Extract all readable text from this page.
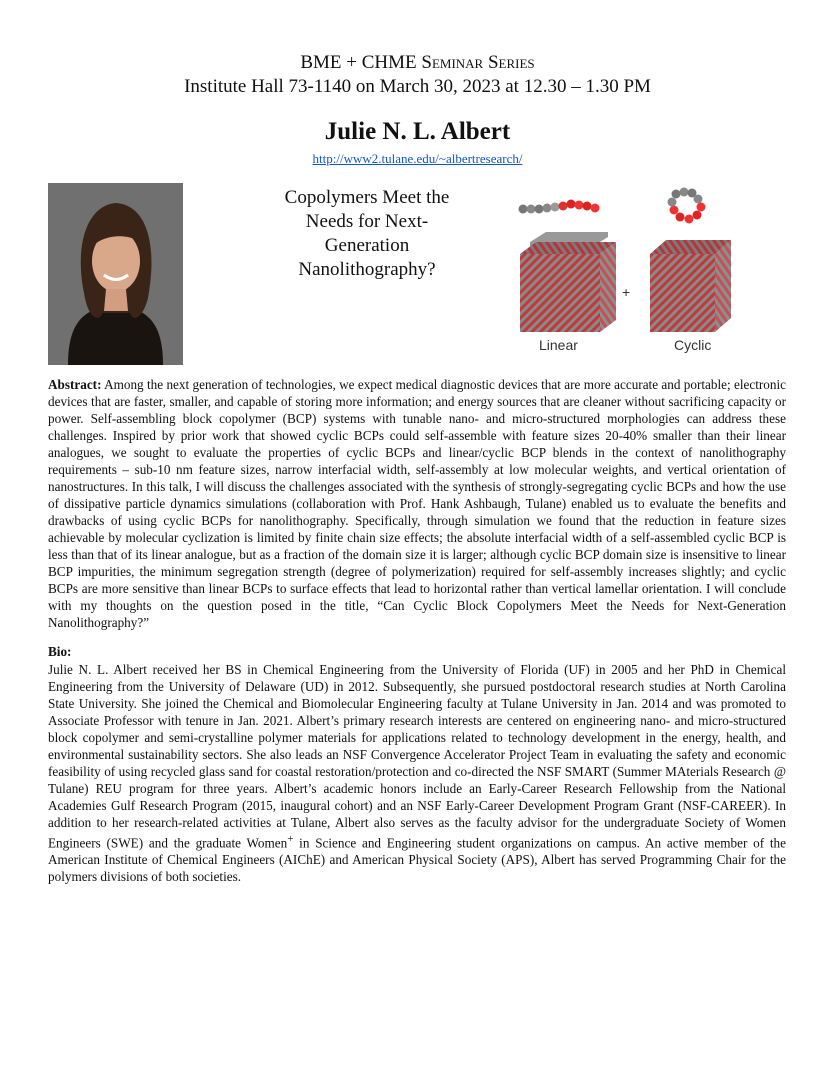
BME + CHME Seminar Series
Institute Hall 73-1140 on March 30, 2023 at 12.30 – 1.30 PM
Julie N. L. Albert
http://www2.tulane.edu/~albertresearch/
Copolymers Meet the
Needs for Next-
Generation
Nanolithography?
+
Linear	Cyclic
Abstract: Among the next generation of technologies, we expect medical diagnostic devices that are more accurate and portable; electronic devices that are faster, smaller, and capable of storing more information; and energy sources that are cleaner without sacrificing capacity or power. Self-assembling block copolymer (BCP) systems with tunable nano- and micro-structured morphologies can address these challenges. Inspired by prior work that showed cyclic BCPs could self-assemble with feature sizes 20-40% smaller than their linear analogues, we sought to evaluate the properties of cyclic BCPs and linear/cyclic BCP blends in the context of nanolithography requirements – sub-10 nm feature sizes, narrow interfacial width, self-assembly at low molecular weights, and vertical orientation of nanostructures. In this talk, I will discuss the challenges associated with the synthesis of strongly-segregating cyclic BCPs and how the use of dissipative particle dynamics simulations (collaboration with Prof. Hank Ashbaugh, Tulane) enabled us to evaluate the benefits and drawbacks of using cyclic BCPs for nanolithography. Specifically, through simulation we found that the reduction in feature sizes achievable by molecular cyclization is limited by finite chain size effects; the absolute interfacial width of a self-assembled cyclic BCP is less than that of its linear analogue, but as a fraction of the domain size it is larger; although cyclic BCP domain size is insensitive to linear BCP impurities, the minimum segregation strength (degree of polymerization) required for self-assembly increases slightly; and cyclic BCPs are more sensitive than linear BCPs to surface effects that lead to horizontal rather than vertical lamellar orientation. I will conclude with my thoughts on the question posed in the title, “Can Cyclic Block Copolymers Meet the Needs for Next-Generation Nanolithography?”
Bio:
Julie N. L. Albert received her BS in Chemical Engineering from the University of Florida (UF) in 2005 and her PhD in Chemical Engineering from the University of Delaware (UD) in 2012. Subsequently, she pursued postdoctoral research studies at North Carolina State University. She joined the Chemical and Biomolecular Engineering faculty at Tulane University in Jan. 2014 and was promoted to Associate Professor with tenure in Jan. 2021. Albert’s primary research interests are centered on engineering nano- and micro-structured block copolymer and semi-crystalline polymer materials for applications related to technology development in the energy, health, and environmental sustainability sectors. She also leads an NSF Convergence Accelerator Project Team in evaluating the safety and economic feasibility of using recycled glass sand for coastal restoration/protection and co-directed the NSF SMART (Summer MAterials Research @ Tulane) REU program for three years. Albert’s academic honors include an Early-Career Research Fellowship from the National Academies Gulf Research Program (2015, inaugural cohort) and an NSF Early-Career Development Program Grant (NSF-CAREER). In addition to her research-related activities at Tulane, Albert also serves as the faculty advisor for the undergraduate Society of Women Engineers (SWE) and the graduate Women+ in Science and Engineering student organizations on campus. An active member of the American Institute of Chemical Engineers (AIChE) and American Physical Society (APS), Albert has served Programming Chair for the polymers divisions of both societies.
